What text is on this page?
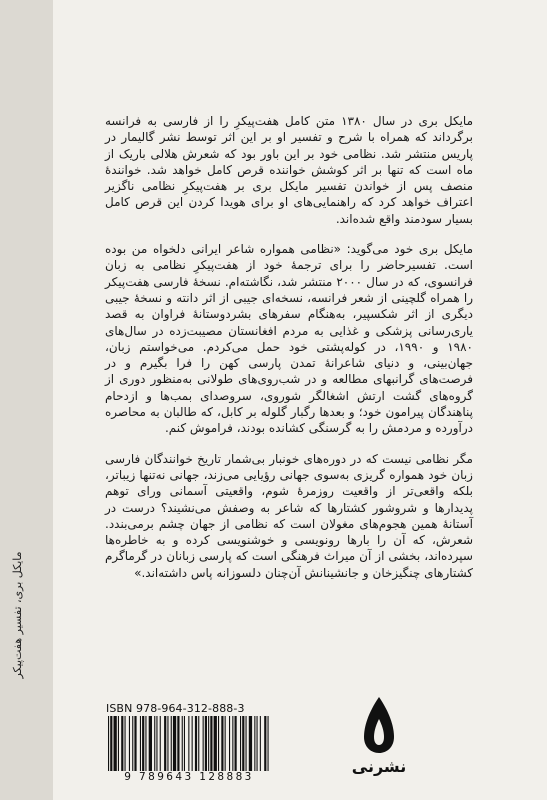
مایکل بری، تفسیر هفت‌پیکر

مایکل بری در سال ۱۳۸۰ متن کامل هفت‌پیکرِ را از فارسی به فرانسه برگرداند که همراه با شرح و تفسیر او بر این اثر توسط نشر گالیمار در پاریس منتشر شد. نظامی خود بر این باور بود که شعرش هلالی باریک از ماه است که تنها بر اثر کوشش خواننده قرص کامل خواهد شد. خوانندهٔ منصف پس از خواندن تفسیر مایکل بری بر هفت‌پیکرِ نظامی ناگزیر اعتراف خواهد کرد که راهنمایی‌های او برای هویدا کردن این قرص کامل بسیار سودمند واقع شده‌اند.

مایکل بری خود می‌گوید: «نظامی همواره شاعر ایرانی دلخواه من بوده است. تفسیرحاضر را برای ترجمهٔ خود از هفت‌پیکرِ نظامی به زبان فرانسوی، که در سال ۲۰۰۰ منتشر شد، نگاشته‌ام. نسخهٔ فارسی هفت‌پیکر را همراه گلچینی از شعر فرانسه، نسخه‌ای جیبی از اثر دانته و نسخهٔ جیبی دیگری از اثر شکسپیر، به‌هنگام سفرهای بشردوستانهٔ فراوان به قصد یاری‌رسانی پزشکی و غذایی به مردم افغانستان مصیبت‌زده در سال‌های ۱۹۸۰ و ۱۹۹۰، در کوله‌پشتی خود حمل می‌کردم. می‌خواستم زبان، جهان‌بینی، و دنیای شاعرانهٔ تمدن پارسی کهن را فرا بگیرم و در فرصت‌های گرانبهای مطالعه و در شب‌روی‌های طولانی به‌منظور دوری از گروه‌های گشت ارتش اشغالگر شوروی، سروصدای بمب‌ها و ازدحام پناهندگان پیرامون خود؛ و بعدها رگبار گلوله بر کابل، که طالبان به محاصره درآورده و مردمش را به گرسنگی کشانده بودند، فراموش کنم.

مگر نظامی نیست که در دوره‌های خونبار بی‌شمار تاریخ خوانندگان فارسی زبان خود همواره گریزی به‌سوی جهانی رؤیایی می‌زند، جهانی نه‌تنها زیباتر، بلکه واقعی‌تر از واقعیت روزمرهٔ شوم، واقعیتی آسمانی ورای توهم پدیدارها و شروشور کشتارها که شاعر به وصفش می‌نشیند؟ درست در آستانهٔ همین هجوم‌های مغولان است که نظامی از جهان چشم برمی‌بندد. شعرش، که آن را بارها رونویسی و خوشنویسی کرده و به خاطره‌ها سپرده‌اند، بخشی از آن میراث فرهنگی است که پارسی زبانان در گرماگرم کشتارهای چنگیزخان و جانشینانش آن‌چنان دلسوزانه پاس داشته‌اند.»

ISBN 978-964-312-888-3
9 789643 128883
نشرنی
